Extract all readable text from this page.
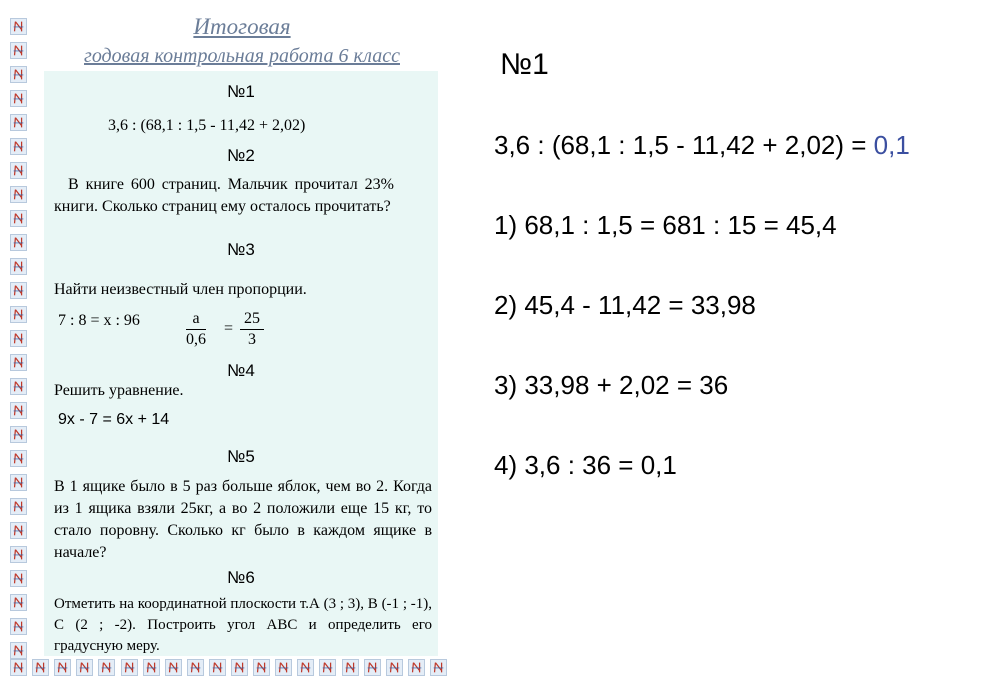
Итоговая
годовая контрольная работа 6 класс
№1
3,6 : (68,1 : 1,5 - 11,42 + 2,02)
№2
В книге 600 страниц. Мальчик прочитал 23% книги. Сколько страниц ему осталось прочитать?
№3
Найти неизвестный член пропорции.
7 : 8 = x : 96	$\frac{a}{0,6} = \frac{25}{3}$
№4
Решить уравнение.
9x - 7 = 6x + 14
№5
В 1 ящике было в 5 раз больше яблок, чем во 2. Когда из 1 ящика взяли 25кг, а во 2 положили еще 15 кг, то стало поровну. Сколько кг было в каждом ящике в начале?
№6
Отметить на координатной плоскости т.А (3 ; 3), В (-1 ; -1), С (2 ; -2). Построить угол АВС и определить его градусную меру.
№1
3,6 : (68,1 : 1,5 - 11,42 + 2,02) = 0,1
1) 68,1 : 1,5 = 681 : 15 = 45,4
2) 45,4 - 11,42 = 33,98
3) 33,98 + 2,02 = 36
4) 3,6 : 36 = 0,1
